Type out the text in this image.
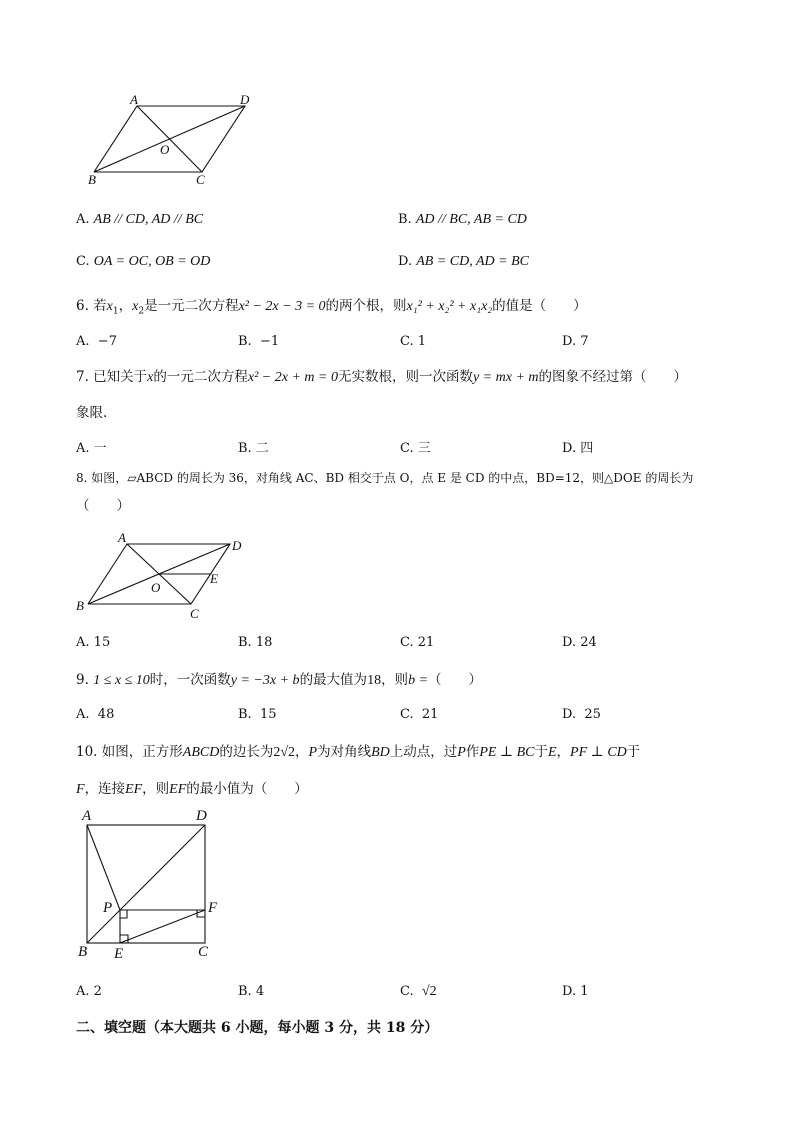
A	D
O
B	C
A. AB // CD, AD // BC	B. AD // BC, AB = CD
C. OA = OC, OB = OD	D. AB = CD, AD = BC
6. 若$x_1$，$x_2$是一元二次方程x² − 2x − 3 = 0的两个根，则x₁² + x₂² + x₁x₂的值是（　　）
A. −7	B. −1	C. 1	D. 7
7. 已知关于x的一元二次方程x² − 2x + m = 0无实数根，则一次函数y = mx + m的图象不经过第（　　）
象限.
A. 一	B. 二	C. 三	D. 四
8. 如图，▱ABCD 的周长为 36，对角线 AC、BD 相交于点 O，点 E 是 CD 的中点，BD=12，则△DOE 的周长为
（　　）
A
D
E
O
B
C
A. 15	B. 18	C. 21	D. 24
9. 1 ≤ x ≤ 10时，一次函数y = −3x + b的最大值为18，则b =（　　）
A. 48	B. 15	C. 21	D. 25
10. 如图，正方形ABCD的边长为2√2，P为对角线BD上动点，过P作PE ⊥ BC于E，PF ⊥ CD于
F，连接EF，则EF的最小值为（　　）
A	D
P	F
B E	C
A. 2	B. 4	C. √2	D. 1
二、填空题（本大题共 6 小题，每小题 3 分，共 18 分）
